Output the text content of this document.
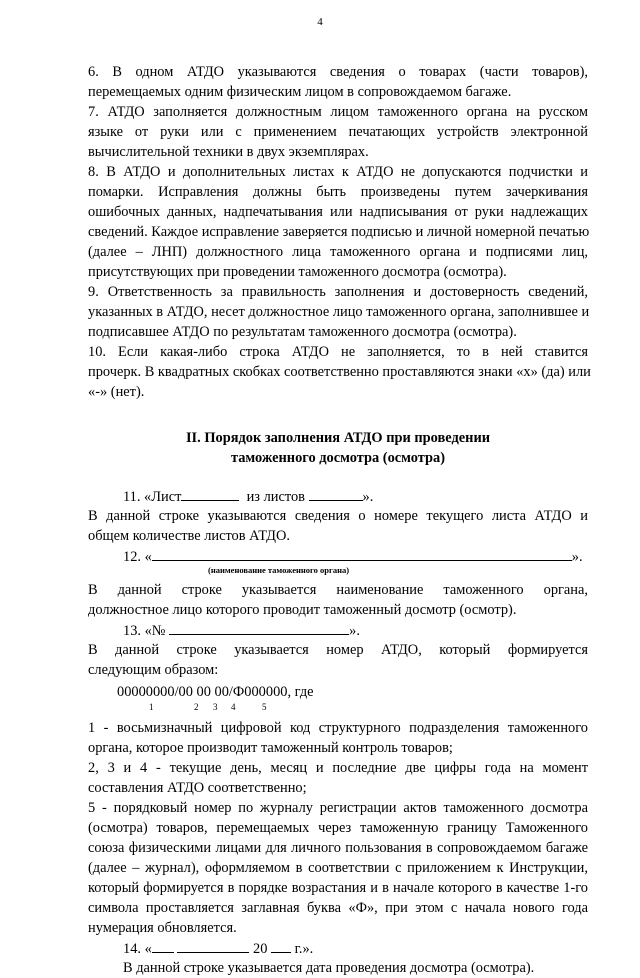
4
6. В одном АТДО указываются сведения о товарах (части товаров),
перемещаемых одним физическим лицом в сопровождаемом багаже.
7. АТДО заполняется должностным лицом таможенного органа на русском
языке от руки или с применением печатающих устройств электронной
вычислительной техники в двух экземплярах.
8. В АТДО и дополнительных листах к АТДО не допускаются подчистки и
помарки. Исправления должны быть произведены путем зачеркивания
ошибочных данных, надпечатывания или надписывания от руки надлежащих
сведений. Каждое исправление заверяется подписью и личной номерной печатью
(далее – ЛНП) должностного лица таможенного органа и подписями лиц,
присутствующих при проведении таможенного досмотра (осмотра).
9. Ответственность за правильность заполнения и достоверность сведений,
указанных в АТДО, несет должностное лицо таможенного органа, заполнившее и
подписавшее АТДО по результатам таможенного досмотра (осмотра).
10. Если какая-либо строка АТДО не заполняется, то в ней ставится
прочерк. В квадратных скобках соответственно проставляются знаки «х» (да) или
«-» (нет).
II. Порядок заполнения АТДО при проведении
таможенного досмотра (осмотра)
11. «Лист	из листов	».
В данной строке указываются сведения о номере текущего листа АТДО и
общем количестве листов АТДО.
12. «	».
(наименование таможенного органа)
В данной строке указывается наименование таможенного органа,
должностное лицо которого проводит таможенный досмотр (осмотр).
13. «№	».
В данной строке указывается номер АТДО, который формируется
следующим образом:
00000000/00 00 00/Ф000000, где
1	2 3 4	5
1 - восьмизначный цифровой код структурного подразделения таможенного
органа, которое производит таможенный контроль товаров;
2, 3 и 4 - текущие день, месяц и последние две цифры года на момент
составления АТДО соответственно;
5 - порядковый номер по журналу регистрации актов таможенного досмотра
(осмотра) товаров, перемещаемых через таможенную границу Таможенного
союза физическими лицами для личного пользования в сопровождаемом багаже
(далее – журнал), оформляемом в соответствии с приложением к Инструкции,
который формируется в порядке возрастания и в начале которого в качестве 1-го
символа проставляется заглавная буква «Ф», при этом с начала нового года
нумерация обновляется.
14. «	20 г.».
В данной строке указывается дата проведения досмотра (осмотра).
